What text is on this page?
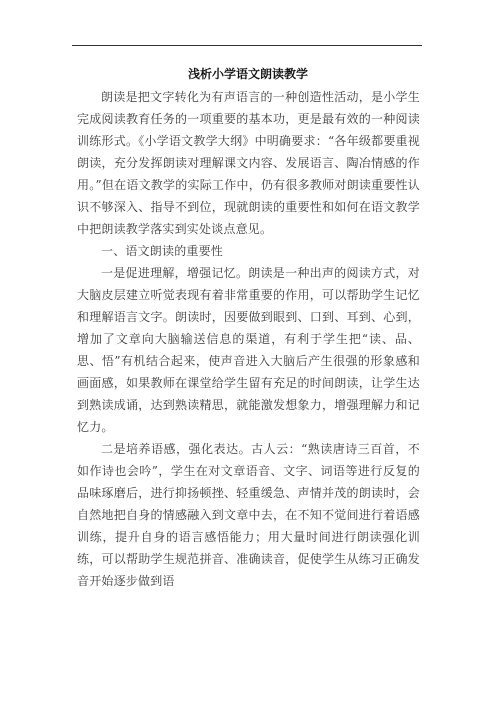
浅析小学语文朗读教学

朗读是把文字转化为有声语言的一种创造性活动，是小学生完成阅读教育任务的一项重要的基本功，更是最有效的一种阅读训练形式。《小学语文教学大纲》中明确要求：“各年级都要重视朗读，充分发挥朗读对理解课文内容、发展语言、陶冶情感的作用。”但在语文教学的实际工作中，仍有很多教师对朗读重要性认识不够深入、指导不到位，现就朗读的重要性和如何在语文教学中把朗读教学落实到实处谈点意见。

一、语文朗读的重要性

一是促进理解，增强记忆。朗读是一种出声的阅读方式，对大脑皮层建立听觉表现有着非常重要的作用，可以帮助学生记忆和理解语言文字。朗读时，因要做到眼到、口到、耳到、心到，增加了文章向大脑输送信息的渠道，有利于学生把“读、品、思、悟”有机结合起来，使声音进入大脑后产生很强的形象感和画面感，如果教师在课堂给学生留有充足的时间朗读，让学生达到熟读成诵，达到熟读精思，就能激发想象力，增强理解力和记忆力。

二是培养语感，强化表达。古人云：“熟读唐诗三百首，不如作诗也会吟”，学生在对文章语音、文字、词语等进行反复的品味琢磨后，进行抑扬顿挫、轻重缓急、声情并茂的朗读时，会自然地把自身的情感融入到文章中去，在不知不觉间进行着语感训练，提升自身的语言感悟能力；用大量时间进行朗读强化训练，可以帮助学生规范拼音、准确读音，促使学生从练习正确发音开始逐步做到语
